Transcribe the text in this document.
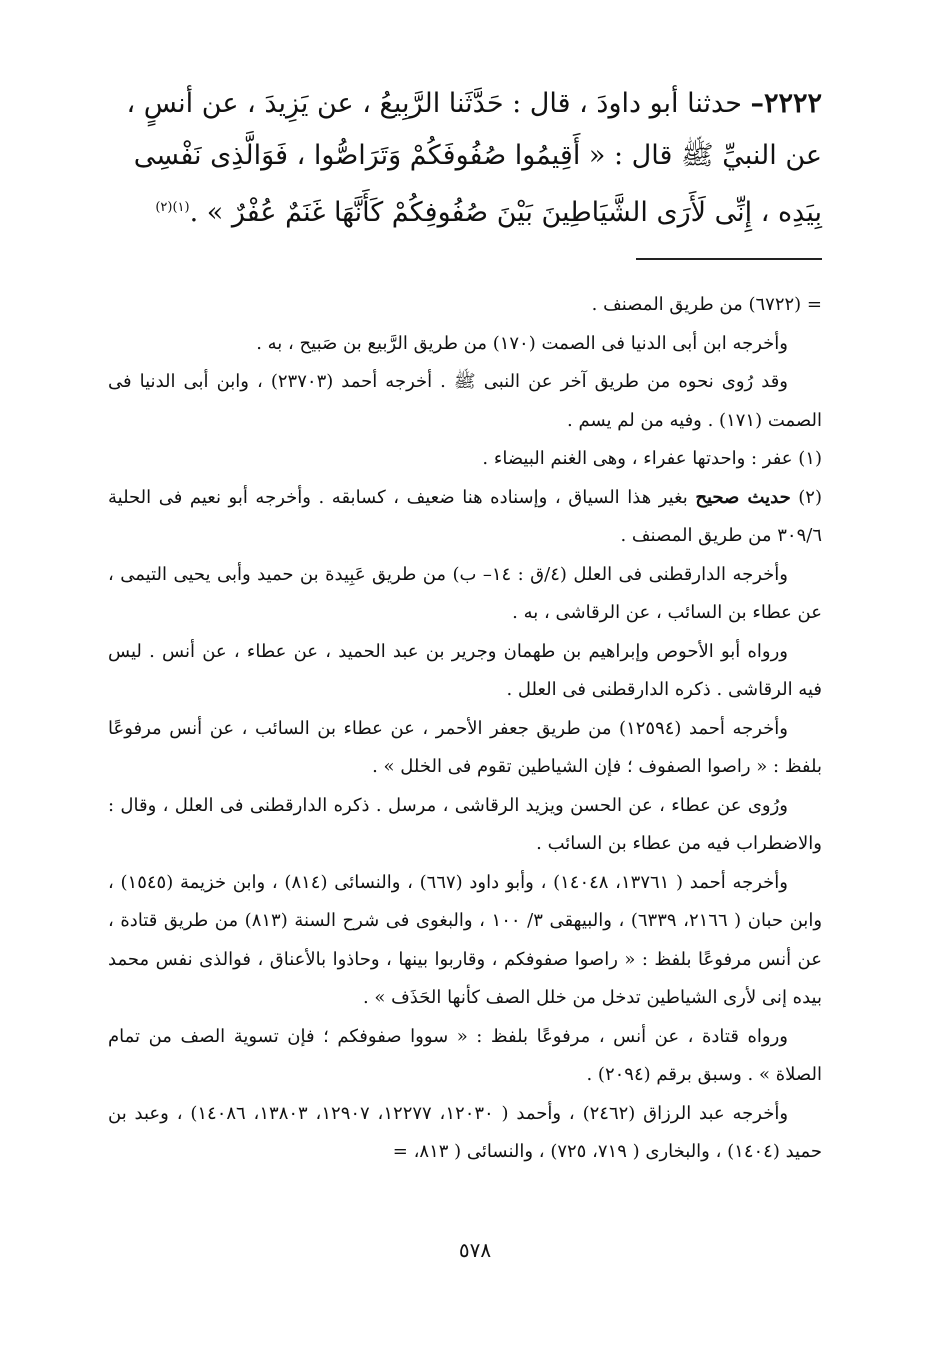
٢٢٢٢– حدثنا أبو داودَ ، قال : حَدَّثَنا الرَّبِيعُ ، عن يَزِيدَ ، عن أنسٍ ، عن النبيِّ ﷺ قال : « أَقِيمُوا صُفُوفَكُمْ وَتَرَاصُّوا ، فَوَالَّذِى نَفْسِى بِيَدِه ، إِنِّى لَأَرَى الشَّيَاطِينَ بَيْنَ صُفُوفِكُمْ كَأَنَّهَا غَنَمٌ عُفْرٌ » .$^{(١)(٢)}$

= (٦٧٢٢) من طريق المصنف .

وأخرجه ابن أبى الدنيا فى الصمت (١٧٠) من طريق الرَّبيع بن صَبيح ، به .

وقد رُوى نحوه من طريق آخر عن النبى ﷺ . أخرجه أحمد (٢٣٧٠٣) ، وابن أبى الدنيا فى الصمت (١٧١) . وفيه من لم يسم .

(١) عفر : واحدتها عفراء ، وهى الغنم البيضاء .

(٢) حديث صحيح بغير هذا السياق ، وإسناده هنا ضعيف ، كسابقه . وأخرجه أبو نعيم فى الحلية ٣٠٩/٦ من طريق المصنف .

وأخرجه الدارقطنى فى العلل (٤/ق : ١٤– ب) من طريق عَبِيدة بن حميد وأبى يحيى التيمى ، عن عطاء بن السائب ، عن الرقاشى ، به .

ورواه أبو الأحوص وإبراهيم بن طهمان وجرير بن عبد الحميد ، عن عطاء ، عن أنس . ليس فيه الرقاشى . ذكره الدارقطنى فى العلل .

وأخرجه أحمد (١٢٥٩٤) من طريق جعفر الأحمر ، عن عطاء بن السائب ، عن أنس مرفوعًا بلفظ : « راصوا الصفوف ؛ فإن الشياطين تقوم فى الخلل » .

ورُوى عن عطاء ، عن الحسن ويزيد الرقاشى ، مرسل . ذكره الدارقطنى فى العلل ، وقال : والاضطراب فيه من عطاء بن السائب .

وأخرجه أحمد ( ١٣٧٦١، ١٤٠٤٨) ، وأبو داود (٦٦٧) ، والنسائى (٨١٤) ، وابن خزيمة (١٥٤٥) ، وابن حبان ( ٢١٦٦، ٦٣٣٩) ، والبيهقى ٣/ ١٠٠ ، والبغوى فى شرح السنة (٨١٣) من طريق قتادة ، عن أنس مرفوعًا بلفظ : « راصوا صفوفكم ، وقاربوا بينها ، وحاذوا بالأعناق ، فوالذى نفس محمد بيده إنى لأرى الشياطين تدخل من خلل الصف كأنها الحَذَف » .

ورواه قتادة ، عن أنس ، مرفوعًا بلفظ : « سووا صفوفكم ؛ فإن تسوية الصف من تمام الصلاة » . وسبق برقم (٢٠٩٤) .

وأخرجه عبد الرزاق (٢٤٦٢) ، وأحمد ( ١٢٠٣٠، ١٢٢٧٧، ١٢٩٠٧، ١٣٨٠٣، ١٤٠٨٦) ، وعبد بن حميد (١٤٠٤) ، والبخارى ( ٧١٩، ٧٢٥) ، والنسائى ( ٨١٣، =

٥٧٨
